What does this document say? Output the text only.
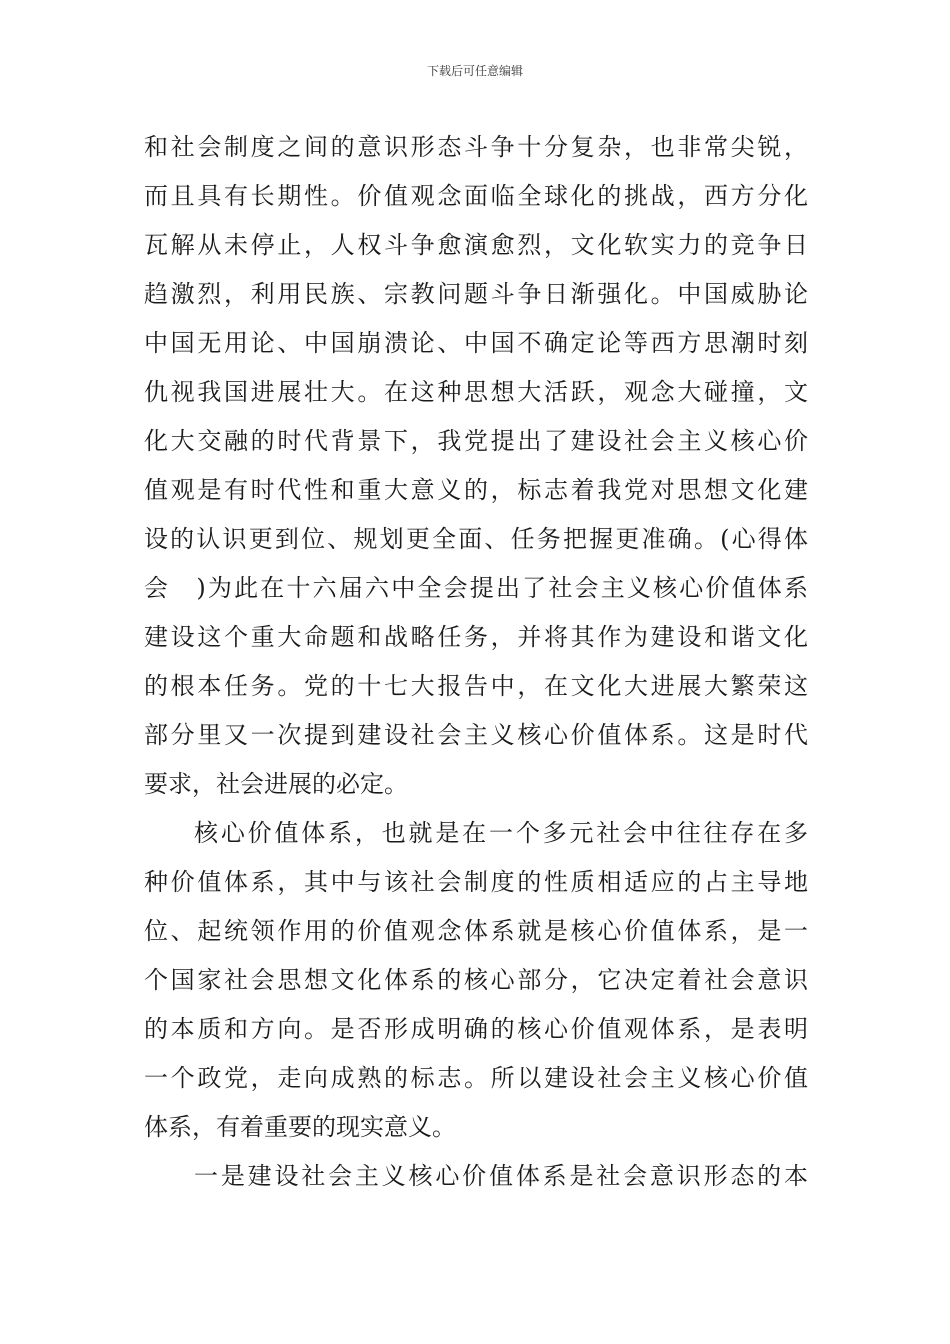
下载后可任意编辑
和社会制度之间的意识形态斗争十分复杂，也非常尖锐，
而且具有长期性。价值观念面临全球化的挑战，西方分化
瓦解从未停止，人权斗争愈演愈烈，文化软实力的竞争日
趋激烈，利用民族、宗教问题斗争日渐强化。中国威胁论
中国无用论、中国崩溃论、中国不确定论等西方思潮时刻
仇视我国进展壮大。在这种思想大活跃，观念大碰撞，文
化大交融的时代背景下，我党提出了建设社会主义核心价
值观是有时代性和重大意义的，标志着我党对思想文化建
设的认识更到位、规划更全面、任务把握更准确。(心得体
会　)为此在十六届六中全会提出了社会主义核心价值体系
建设这个重大命题和战略任务，并将其作为建设和谐文化
的根本任务。党的十七大报告中，在文化大进展大繁荣这
部分里又一次提到建设社会主义核心价值体系。这是时代
要求，社会进展的必定。
核心价值体系，也就是在一个多元社会中往往存在多
种价值体系，其中与该社会制度的性质相适应的占主导地
位、起统领作用的价值观念体系就是核心价值体系，是一
个国家社会思想文化体系的核心部分，它决定着社会意识
的本质和方向。是否形成明确的核心价值观体系，是表明
一个政党，走向成熟的标志。所以建设社会主义核心价值
体系，有着重要的现实意义。
一是建设社会主义核心价值体系是社会意识形态的本
